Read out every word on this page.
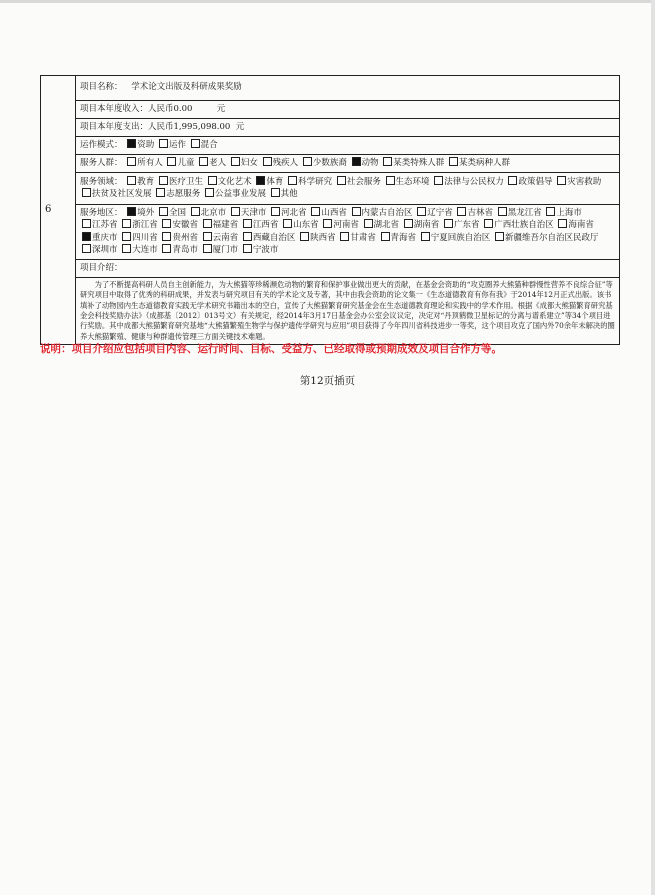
6	项目名称： 学术论文出版及科研成果奖励
项目本年度收入：人民币0.00	元
项目本年度支出：人民币1,995,098.00 元
运作模式： 资助 运作 混合
服务人群： 所有人 儿童 老人 妇女 残疾人 少数族裔 动物 某类特殊人群 某类病种人群
服务领域： 教育 医疗卫生 文化艺术 体育 科学研究 社会服务 生态环境 法律与公民权力 政策倡导 灾害救助 扶贫及社区发展 志愿服务 公益事业发展 其他
服务地区： 境外 全国 北京市 天津市 河北省 山西省 内蒙古自治区 辽宁省 吉林省 黑龙江省 上海市 江苏省 浙江省 安徽省 福建省 江西省 山东省 河南省 湖北省 湖南省 广东省 广西壮族自治区 海南省 重庆市 四川省 贵州省 云南省 西藏自治区 陕西省 甘肃省 青海省 宁夏回族自治区 新疆维吾尔自治区民政厅 深圳市 大连市 青岛市 厦门市 宁波市
项目介绍：
为了不断提高科研人员自主创新能力，为大熊猫等珍稀濒危动物的繁育和保护事业做出更大的贡献，在基金会资助的“攻克圈养大熊猫种群慢性营养不良综合征”等研究项目中取得了优秀的科研成果，并发表与研究项目有关的学术论文及专著，其中由我会资助的论文集一《生态道德教育有你有我》于2014年12月正式出版。该书填补了动物园内生态道德教育实践无学术研究书籍出本的空白，宣传了大熊猫繁育研究基金会在生态道德教育理论和实践中的学术作用。根据《成都大熊猫繁育研究基金会科技奖励办法》（成都基〔2012〕013号文）有关规定，经2014年3月17日基金会办公室会议议定，决定对“丹顶鹤微卫星标记的分离与谱系建立”等34个项目进行奖励。其中成都大熊猫繁育研究基地“大熊猫繁殖生物学与保护遗传学研究与应用”项目获得了今年四川省科技进步一等奖，这个项目攻克了国内外70余年未解决的圈养大熊猫繁殖、健康与种群遗传管理三方面关键技术难题。
说明：项目介绍应包括项目内容、运行时间、目标、受益方、已经取得或预期成效及项目合作方等。
第12页插页
